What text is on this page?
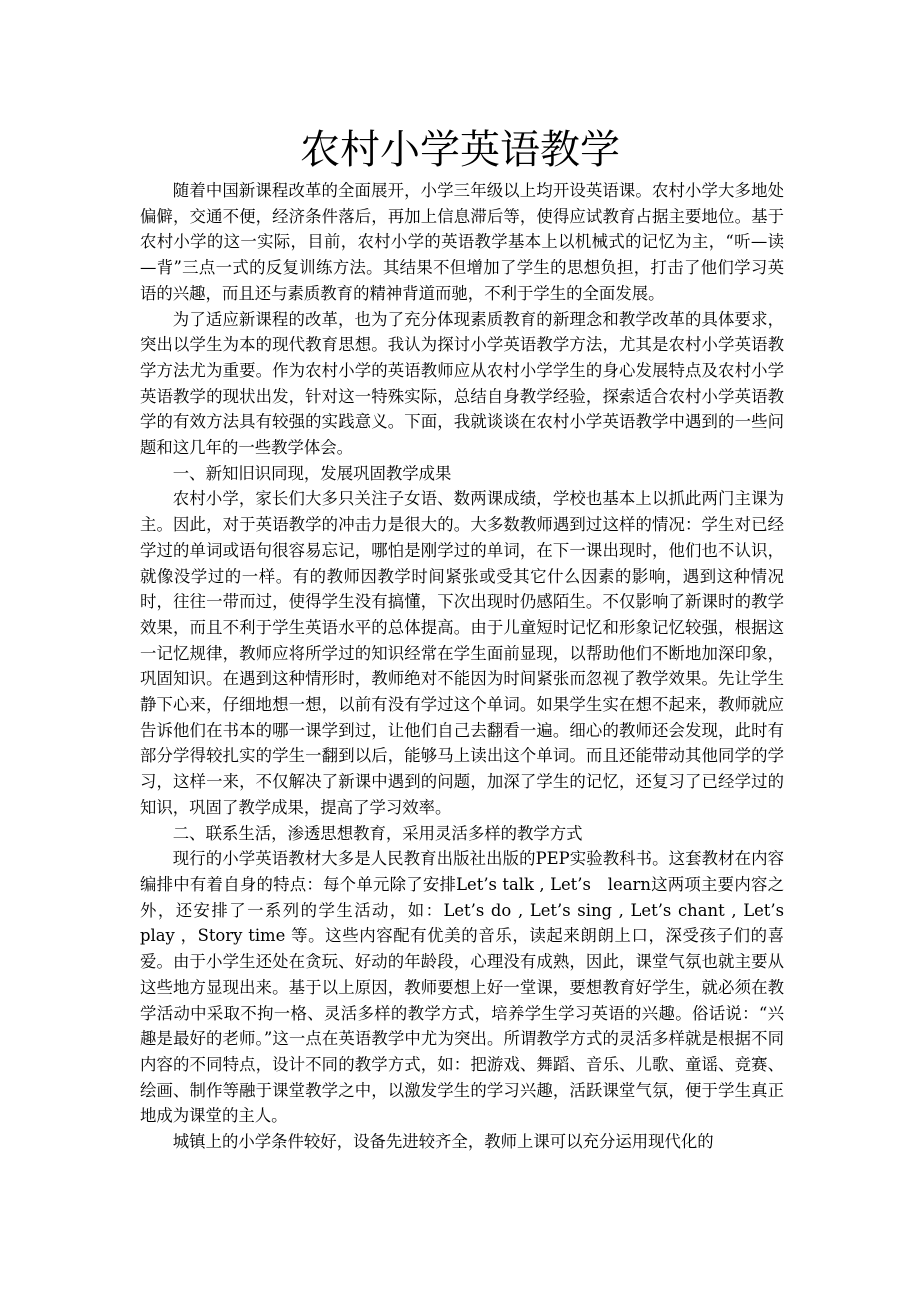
农村小学英语教学

随着中国新课程改革的全面展开，小学三年级以上均开设英语课。农村小学大多地处偏僻，交通不便，经济条件落后，再加上信息滞后等，使得应试教育占据主要地位。基于农村小学的这一实际，目前，农村小学的英语教学基本上以机械式的记忆为主，“听—读—背”三点一式的反复训练方法。其结果不但增加了学生的思想负担，打击了他们学习英语的兴趣，而且还与素质教育的精神背道而驰，不利于学生的全面发展。

为了适应新课程的改革，也为了充分体现素质教育的新理念和教学改革的具体要求，突出以学生为本的现代教育思想。我认为探讨小学英语教学方法，尤其是农村小学英语教学方法尤为重要。作为农村小学的英语教师应从农村小学学生的身心发展特点及农村小学英语教学的现状出发，针对这一特殊实际，总结自身教学经验，探索适合农村小学英语教学的有效方法具有较强的实践意义。下面，我就谈谈在农村小学英语教学中遇到的一些问题和这几年的一些教学体会。

一、新知旧识同现，发展巩固教学成果

农村小学，家长们大多只关注子女语、数两课成绩，学校也基本上以抓此两门主课为主。因此，对于英语教学的冲击力是很大的。大多数教师遇到过这样的情况：学生对已经学过的单词或语句很容易忘记，哪怕是刚学过的单词，在下一课出现时，他们也不认识，就像没学过的一样。有的教师因教学时间紧张或受其它什么因素的影响，遇到这种情况时，往往一带而过，使得学生没有搞懂，下次出现时仍感陌生。不仅影响了新课时的教学效果，而且不利于学生英语水平的总体提高。由于儿童短时记忆和形象记忆较强，根据这一记忆规律，教师应将所学过的知识经常在学生面前显现，以帮助他们不断地加深印象，巩固知识。在遇到这种情形时，教师绝对不能因为时间紧张而忽视了教学效果。先让学生静下心来，仔细地想一想，以前有没有学过这个单词。如果学生实在想不起来，教师就应告诉他们在书本的哪一课学到过，让他们自己去翻看一遍。细心的教师还会发现，此时有部分学得较扎实的学生一翻到以后，能够马上读出这个单词。而且还能带动其他同学的学习，这样一来，不仅解决了新课中遇到的问题，加深了学生的记忆，还复习了已经学过的知识，巩固了教学成果，提高了学习效率。

二、联系生活，渗透思想教育，采用灵活多样的教学方式

现行的小学英语教材大多是人民教育出版社出版的PEP实验教科书。这套教材在内容编排中有着自身的特点：每个单元除了安排Let’s talk , Let’s　learn这两项主要内容之外，还安排了一系列的学生活动，如：Let’s do , Let’s sing , Let’s chant , Let’s play ，Story time 等。这些内容配有优美的音乐，读起来朗朗上口，深受孩子们的喜爱。由于小学生还处在贪玩、好动的年龄段，心理没有成熟，因此，课堂气氛也就主要从这些地方显现出来。基于以上原因，教师要想上好一堂课，要想教育好学生，就必须在教学活动中采取不拘一格、灵活多样的教学方式，培养学生学习英语的兴趣。俗话说：“兴趣是最好的老师。”这一点在英语教学中尤为突出。所谓教学方式的灵活多样就是根据不同内容的不同特点，设计不同的教学方式，如：把游戏、舞蹈、音乐、儿歌、童谣、竞赛、绘画、制作等融于课堂教学之中，以激发学生的学习兴趣，活跃课堂气氛，便于学生真正地成为课堂的主人。

城镇上的小学条件较好，设备先进较齐全，教师上课可以充分运用现代化的
